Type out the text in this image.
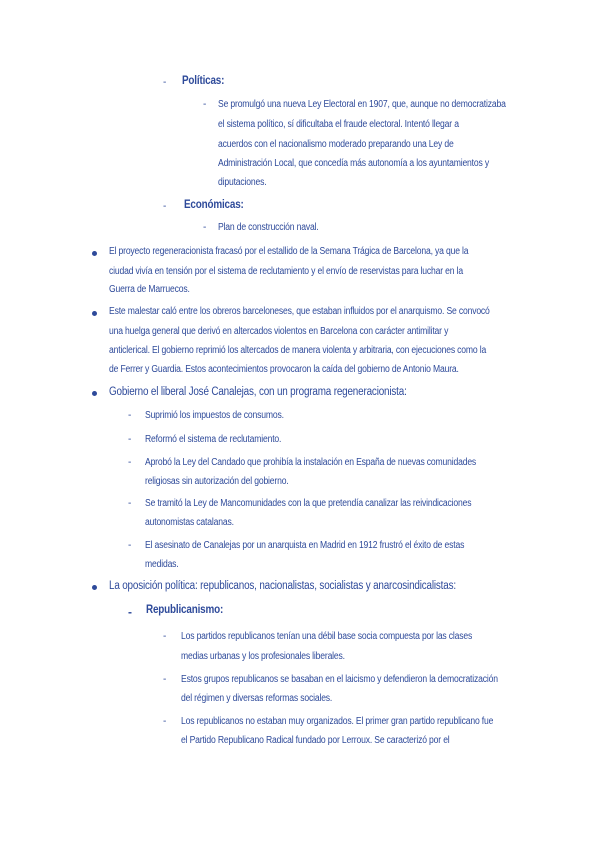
- Políticas:
- Se promulgó una nueva Ley Electoral en 1907, que, aunque no democratizaba
el sistema político, sí dificultaba el fraude electoral. Intentó llegar a
acuerdos con el nacionalismo moderado preparando una Ley de
Administración Local, que concedía más autonomía a los ayuntamientos y
diputaciones.
- Económicas:
- Plan de construcción naval.
El proyecto regeneracionista fracasó por el estallido de la Semana Trágica de Barcelona, ya que la
ciudad vivía en tensión por el sistema de reclutamiento y el envío de reservistas para luchar en la
Guerra de Marruecos.
Este malestar caló entre los obreros barceloneses, que estaban influidos por el anarquismo. Se convocó
una huelga general que derivó en altercados violentos en Barcelona con carácter antimilitar y
anticlerical. El gobierno reprimió los altercados de manera violenta y arbitraria, con ejecuciones como la
de Ferrer y Guardia. Estos acontecimientos provocaron la caída del gobierno de Antonio Maura.
Gobierno el liberal José Canalejas, con un programa regeneracionista:
- Suprimió los impuestos de consumos.
- Reformó el sistema de reclutamiento.
- Aprobó la Ley del Candado que prohibía la instalación en España de nuevas comunidades
religiosas sin autorización del gobierno.
- Se tramitó la Ley de Mancomunidades con la que pretendía canalizar las reivindicaciones
autonomistas catalanas.
- El asesinato de Canalejas por un anarquista en Madrid en 1912 frustró el éxito de estas
medidas.
La oposición política: republicanos, nacionalistas, socialistas y anarcosindicalistas:
- Republicanismo:
- Los partidos republicanos tenían una débil base socia compuesta por las clases
medias urbanas y los profesionales liberales.
- Estos grupos republicanos se basaban en el laicismo y defendieron la democratización
del régimen y diversas reformas sociales.
- Los republicanos no estaban muy organizados. El primer gran partido republicano fue
el Partido Republicano Radical fundado por Lerroux. Se caracterizó por el
